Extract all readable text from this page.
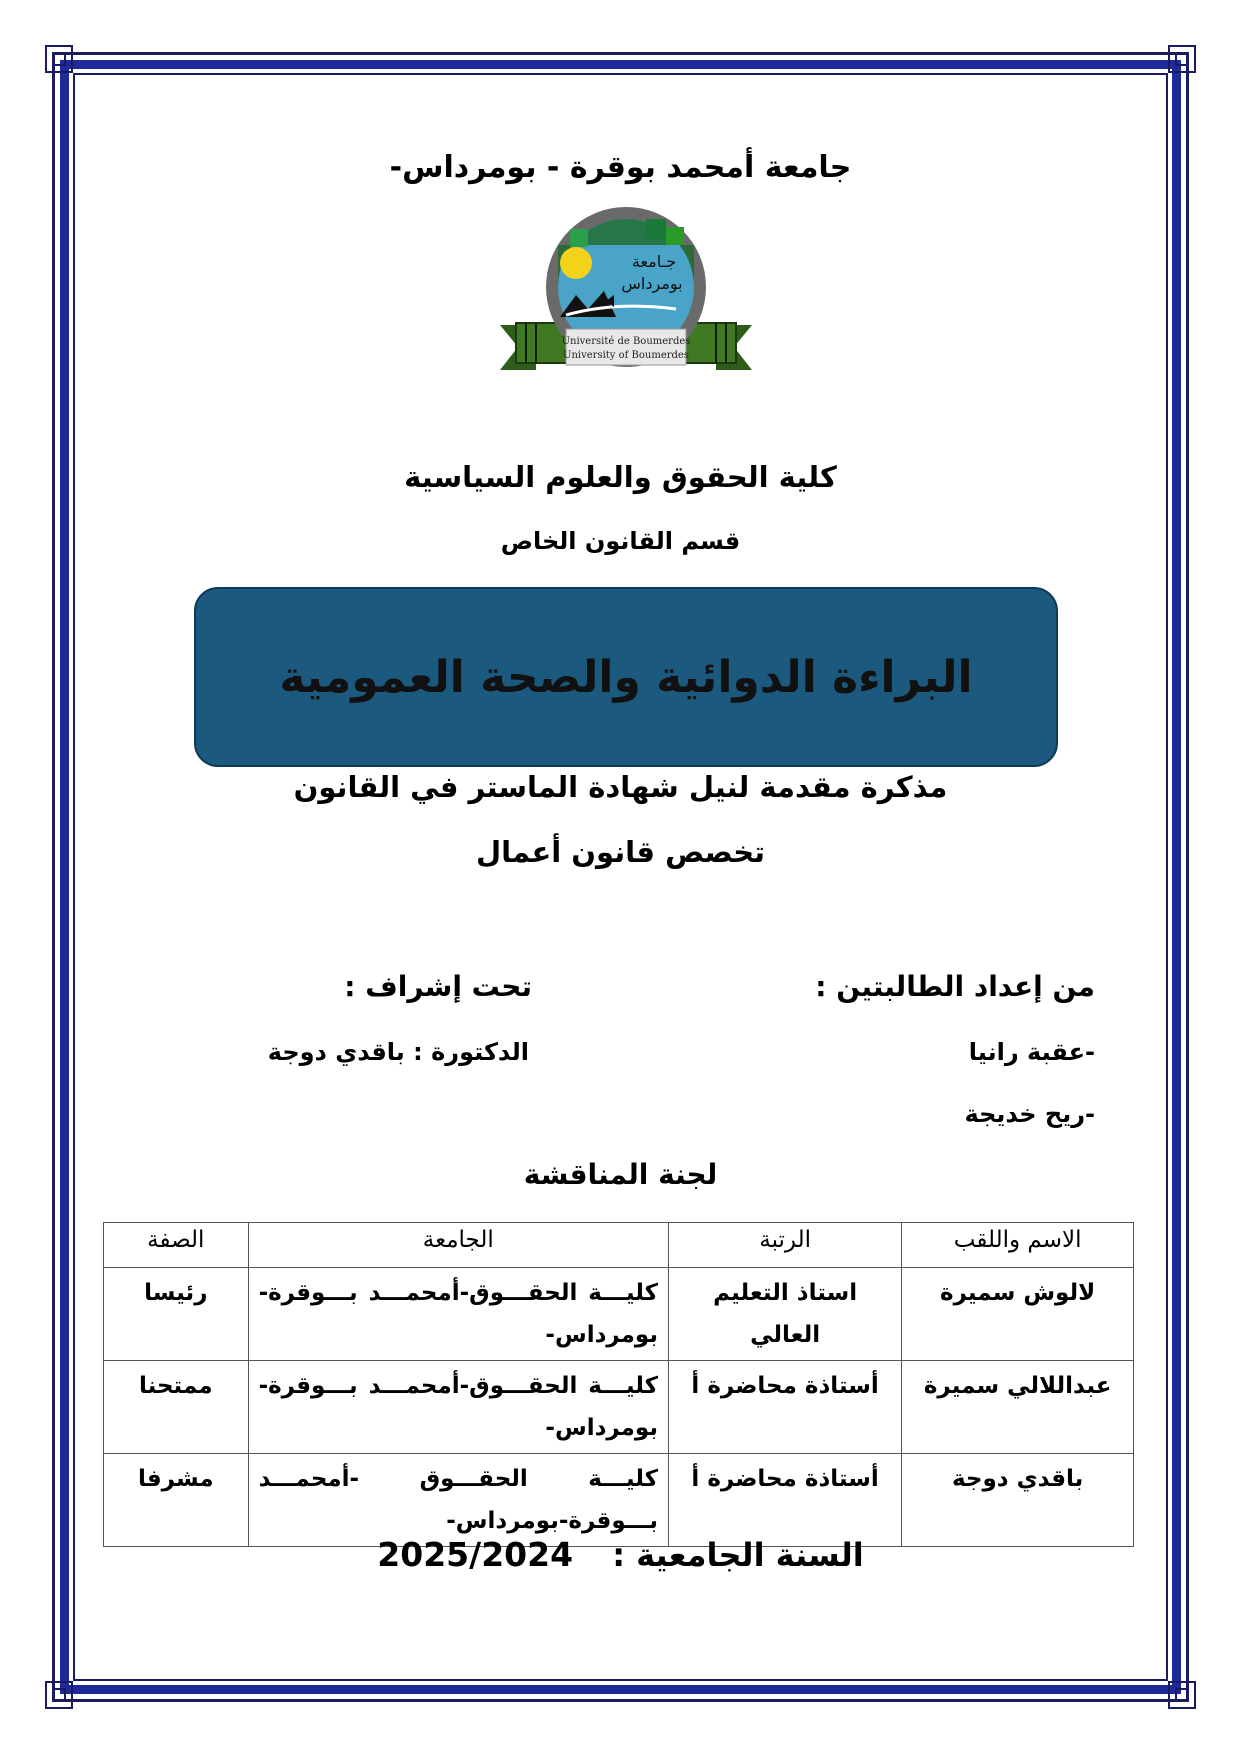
جامعة أمحمد بوقرة - بومرداس-
جـامعة
بومرداس
Université de Boumerdes
University of Boumerdes
كلية الحقوق والعلوم السياسية
قسم القانون الخاص
البراءة الدوائية والصحة العمومية
مذكرة مقدمة لنيل شهادة الماستر في القانون
تخصص قانون أعمال
من إعداد الطالبتين :
تحت إشراف :
-عقبة رانيا
-ريح خديجة
الدكتورة : باقدي دوجة
لجنة المناقشة
الاسم واللقب	الرتبة	الجامعة	الصفة
لالوش سميرة	استاذ التعليم العالي	كليـــة الحقـــوق-أمحمـــد بـــوقرة-بومرداس-	رئيسا
عبداللالي سميرة	أستاذة محاضرة أ	كليـــة الحقـــوق-أمحمـــد بـــوقرة-بومرداس-	ممتحنا
باقدي دوجة	أستاذة محاضرة أ	كليـــة الحقـــوق -أمحمـــد بـــوقرة-بومرداس-	مشرفا
2025/2024 السنة الجامعية :
